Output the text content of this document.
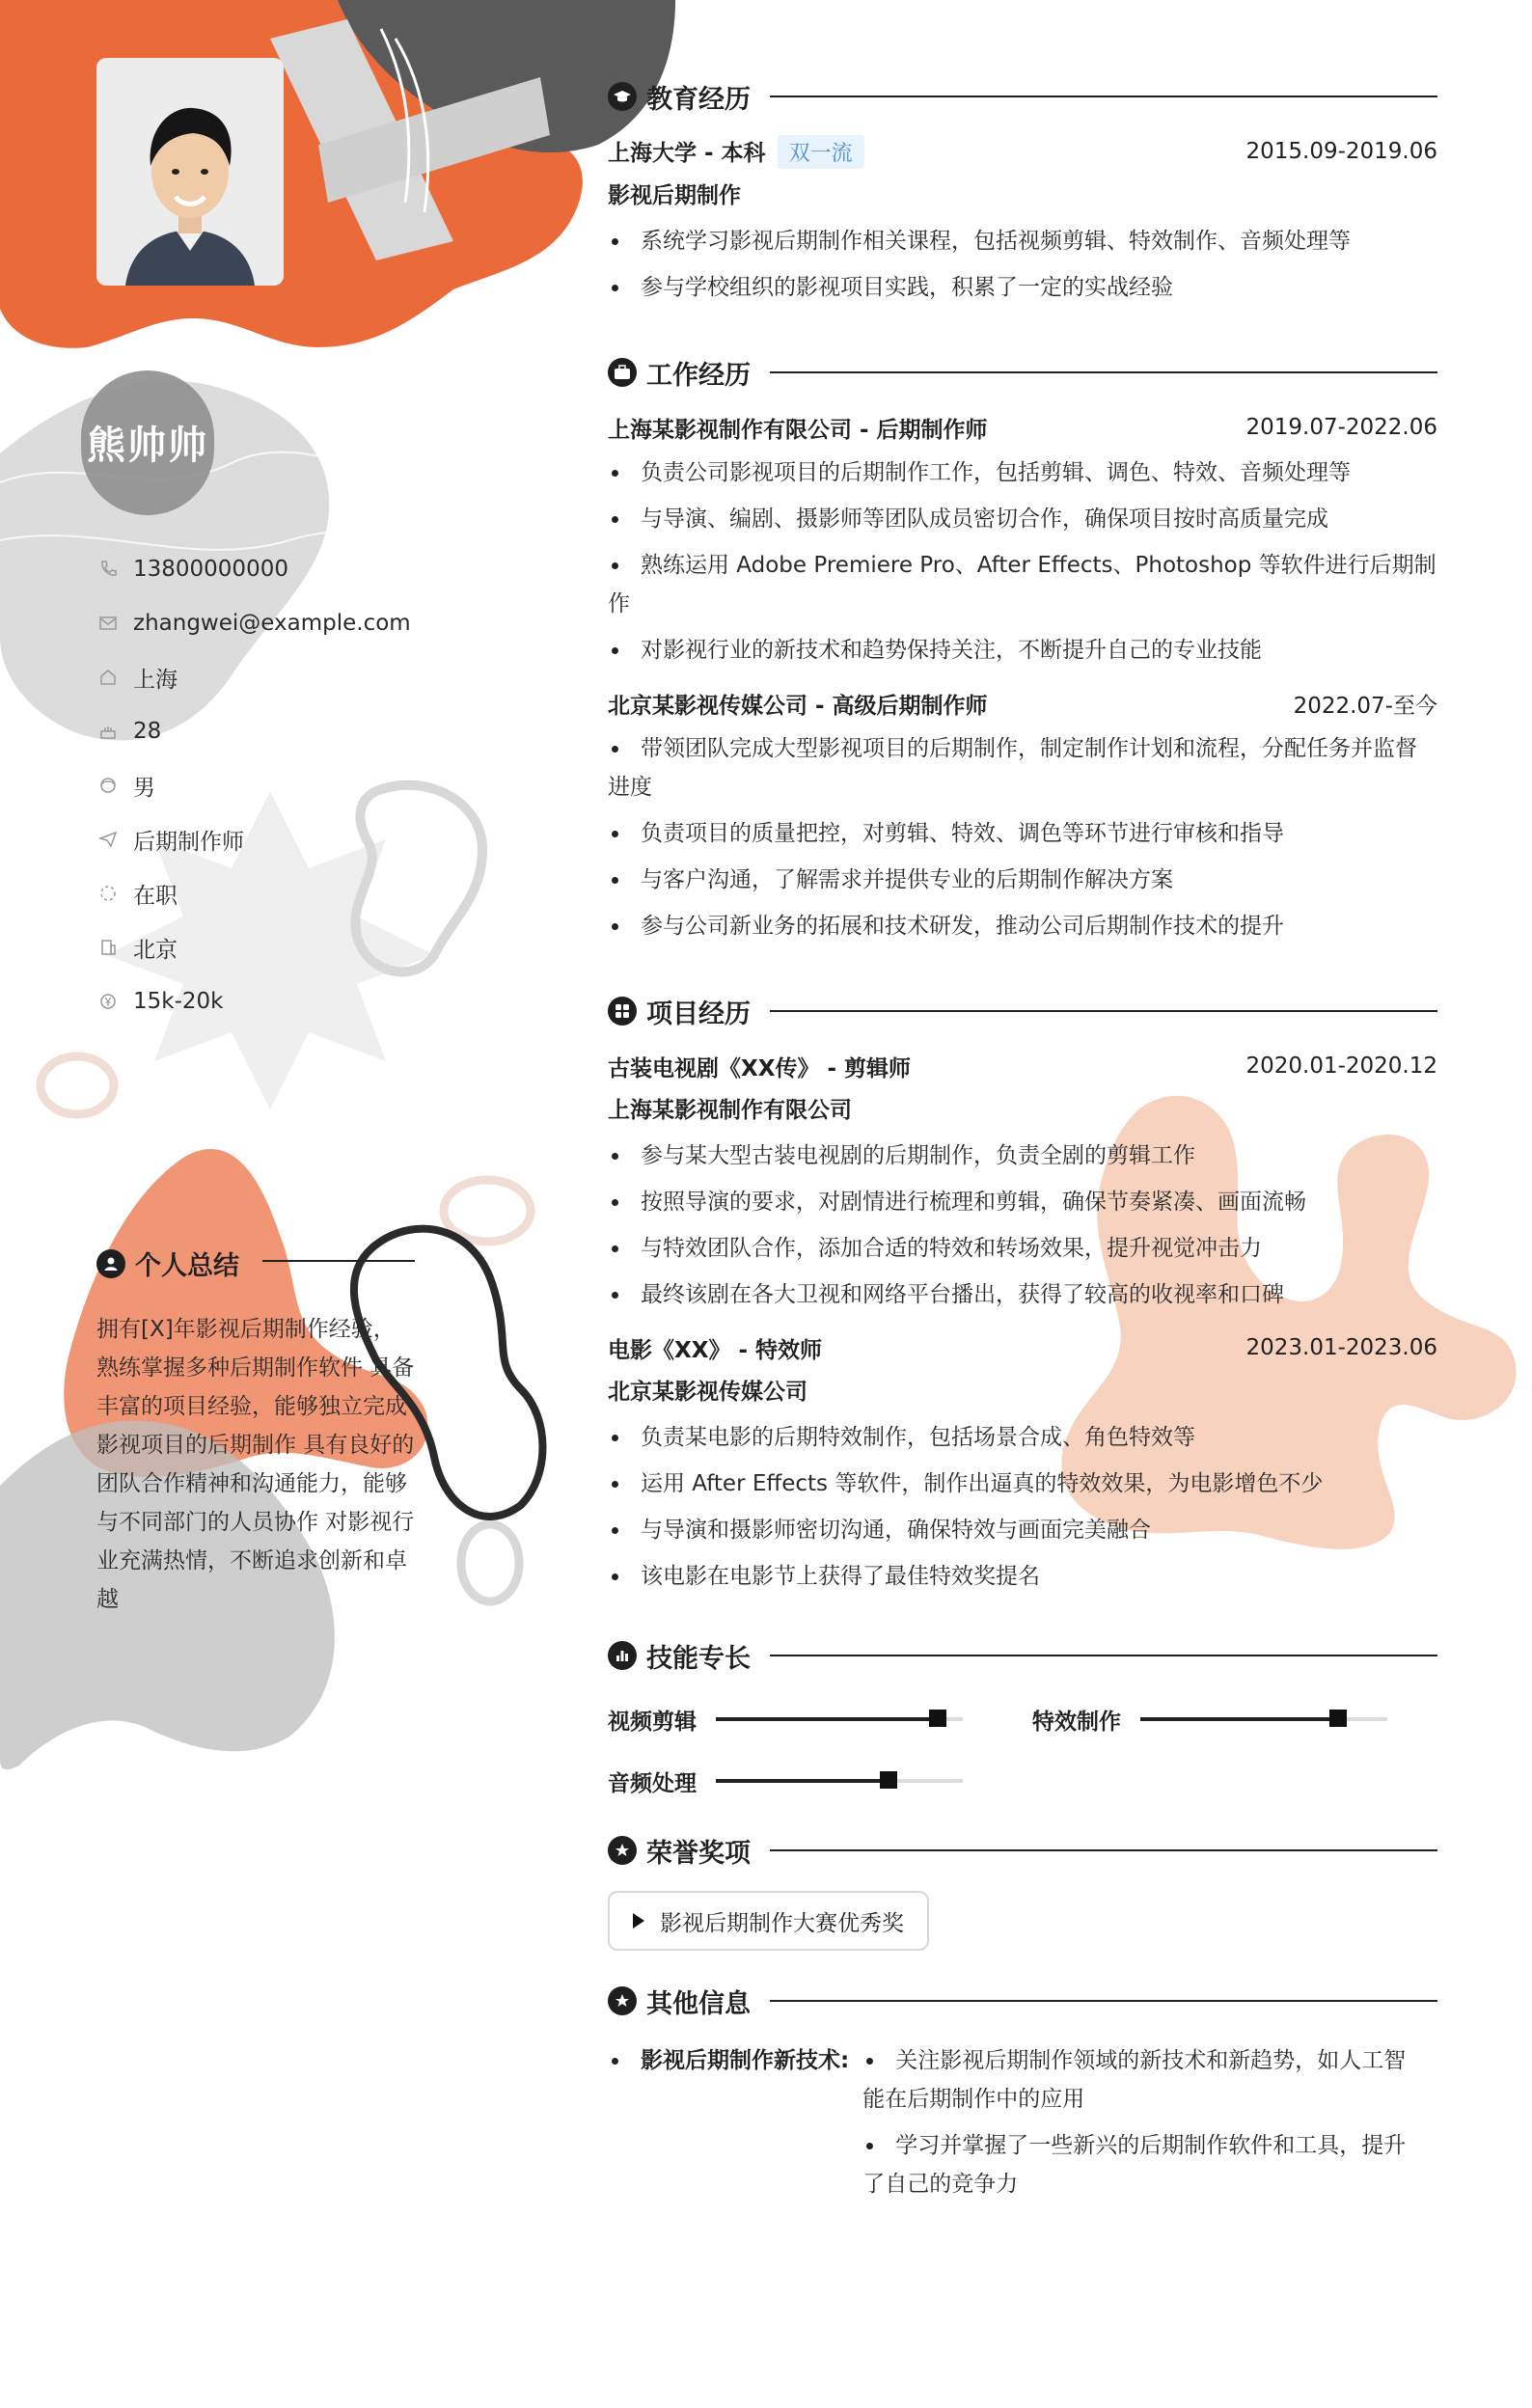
熊帅帅
13800000000
zhangwei@example.com
上海
28
男
后期制作师
在职
北京
15k-20k
个人总结
拥有[X]年影视后期制作经验，熟练掌握多种后期制作软件 具备丰富的项目经验，能够独立完成影视项目的后期制作 具有良好的团队合作精神和沟通能力，能够与不同部门的人员协作 对影视行业充满热情，不断追求创新和卓越
教育经历
上海大学 - 本科 双一流	2015.09-2019.06
影视后期制作
系统学习影视后期制作相关课程，包括视频剪辑、特效制作、音频处理等
参与学校组织的影视项目实践，积累了一定的实战经验
工作经历
上海某影视制作有限公司 - 后期制作师	2019.07-2022.06
负责公司影视项目的后期制作工作，包括剪辑、调色、特效、音频处理等
与导演、编剧、摄影师等团队成员密切合作，确保项目按时高质量完成
熟练运用 Adobe Premiere Pro、After Effects、Photoshop 等软件进行后期制作
对影视行业的新技术和趋势保持关注，不断提升自己的专业技能
北京某影视传媒公司 - 高级后期制作师	2022.07-至今
带领团队完成大型影视项目的后期制作，制定制作计划和流程，分配任务并监督进度
负责项目的质量把控，对剪辑、特效、调色等环节进行审核和指导
与客户沟通，了解需求并提供专业的后期制作解决方案
参与公司新业务的拓展和技术研发，推动公司后期制作技术的提升
项目经历
古装电视剧《XX传》 - 剪辑师	2020.01-2020.12
上海某影视制作有限公司
参与某大型古装电视剧的后期制作，负责全剧的剪辑工作
按照导演的要求，对剧情进行梳理和剪辑，确保节奏紧凑、画面流畅
与特效团队合作，添加合适的特效和转场效果，提升视觉冲击力
最终该剧在各大卫视和网络平台播出，获得了较高的收视率和口碑
电影《XX》 - 特效师	2023.01-2023.06
北京某影视传媒公司
负责某电影的后期特效制作，包括场景合成、角色特效等
运用 After Effects 等软件，制作出逼真的特效效果，为电影增色不少
与导演和摄影师密切沟通，确保特效与画面完美融合
该电影在电影节上获得了最佳特效奖提名
技能专长
视频剪辑	特效制作
音频处理
荣誉奖项
影视后期制作大赛优秀奖
其他信息
影视后期制作新技术:	关注影视后期制作领域的新技术和新趋势，如人工智能在后期制作中的应用
学习并掌握了一些新兴的后期制作软件和工具，提升了自己的竞争力
